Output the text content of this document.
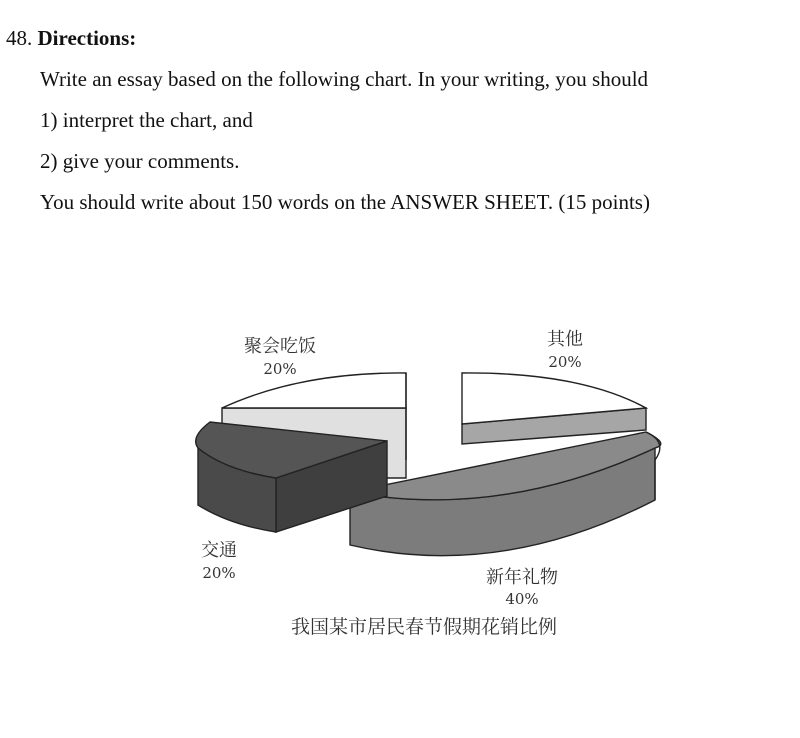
48. Directions:
Write an essay based on the following chart. In your writing, you should
1) interpret the chart, and
2) give your comments.
You should write about 150 words on the ANSWER SHEET. (15 points)
聚会吃饭
20%
其他
20%
新年礼物
40%
交通
20%
我国某市居民春节假期花销比例
